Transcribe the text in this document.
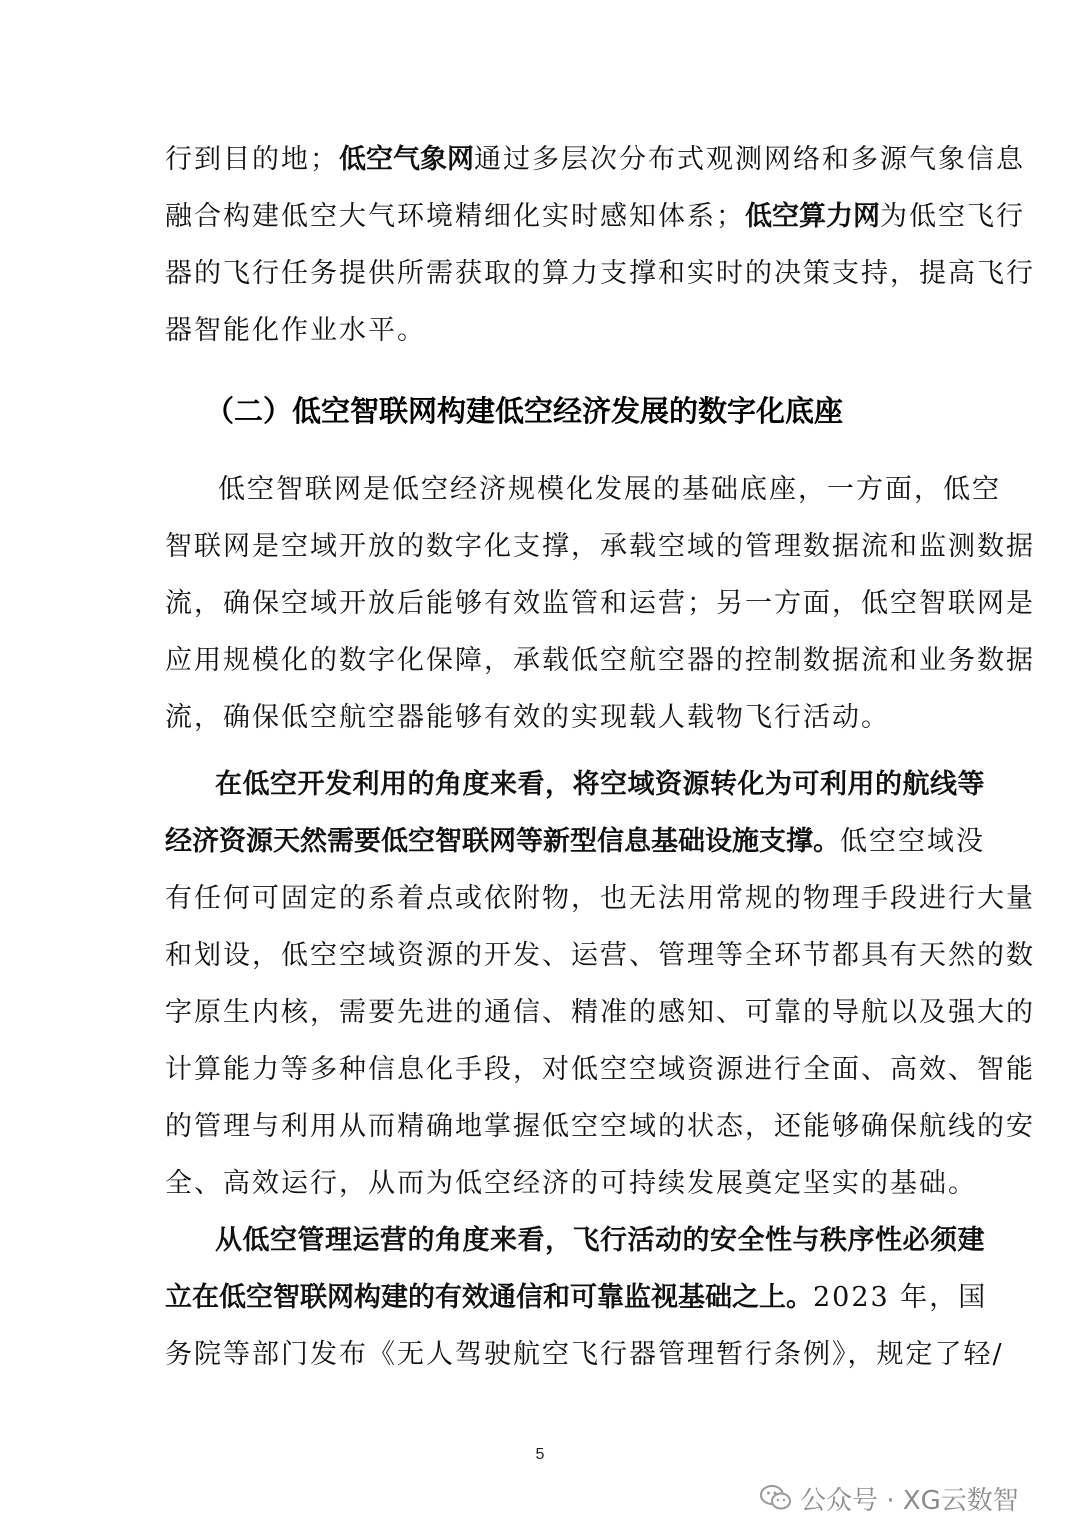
行到目的地；低空气象网通过多层次分布式观测网络和多源气象信息
融合构建低空大气环境精细化实时感知体系；低空算力网为低空飞行
器的飞行任务提供所需获取的算力支撑和实时的决策支持，提高飞行
器智能化作业水平。
（二）低空智联网构建低空经济发展的数字化底座
低空智联网是低空经济规模化发展的基础底座，一方面，低空
智联网是空域开放的数字化支撑，承载空域的管理数据流和监测数据
流，确保空域开放后能够有效监管和运营；另一方面，低空智联网是
应用规模化的数字化保障，承载低空航空器的控制数据流和业务数据
流，确保低空航空器能够有效的实现载人载物飞行活动。
在低空开发利用的角度来看，将空域资源转化为可利用的航线等
经济资源天然需要低空智联网等新型信息基础设施支撑。低空空域没
有任何可固定的系着点或依附物，也无法用常规的物理手段进行大量
和划设，低空空域资源的开发、运营、管理等全环节都具有天然的数
字原生内核，需要先进的通信、精准的感知、可靠的导航以及强大的
计算能力等多种信息化手段，对低空空域资源进行全面、高效、智能
的管理与利用从而精确地掌握低空空域的状态，还能够确保航线的安
全、高效运行，从而为低空经济的可持续发展奠定坚实的基础。
从低空管理运营的角度来看，飞行活动的安全性与秩序性必须建
立在低空智联网构建的有效通信和可靠监视基础之上。2023 年，国
务院等部门发布《无人驾驶航空飞行器管理暂行条例》，规定了轻/
5
公众号 · XG云数智
